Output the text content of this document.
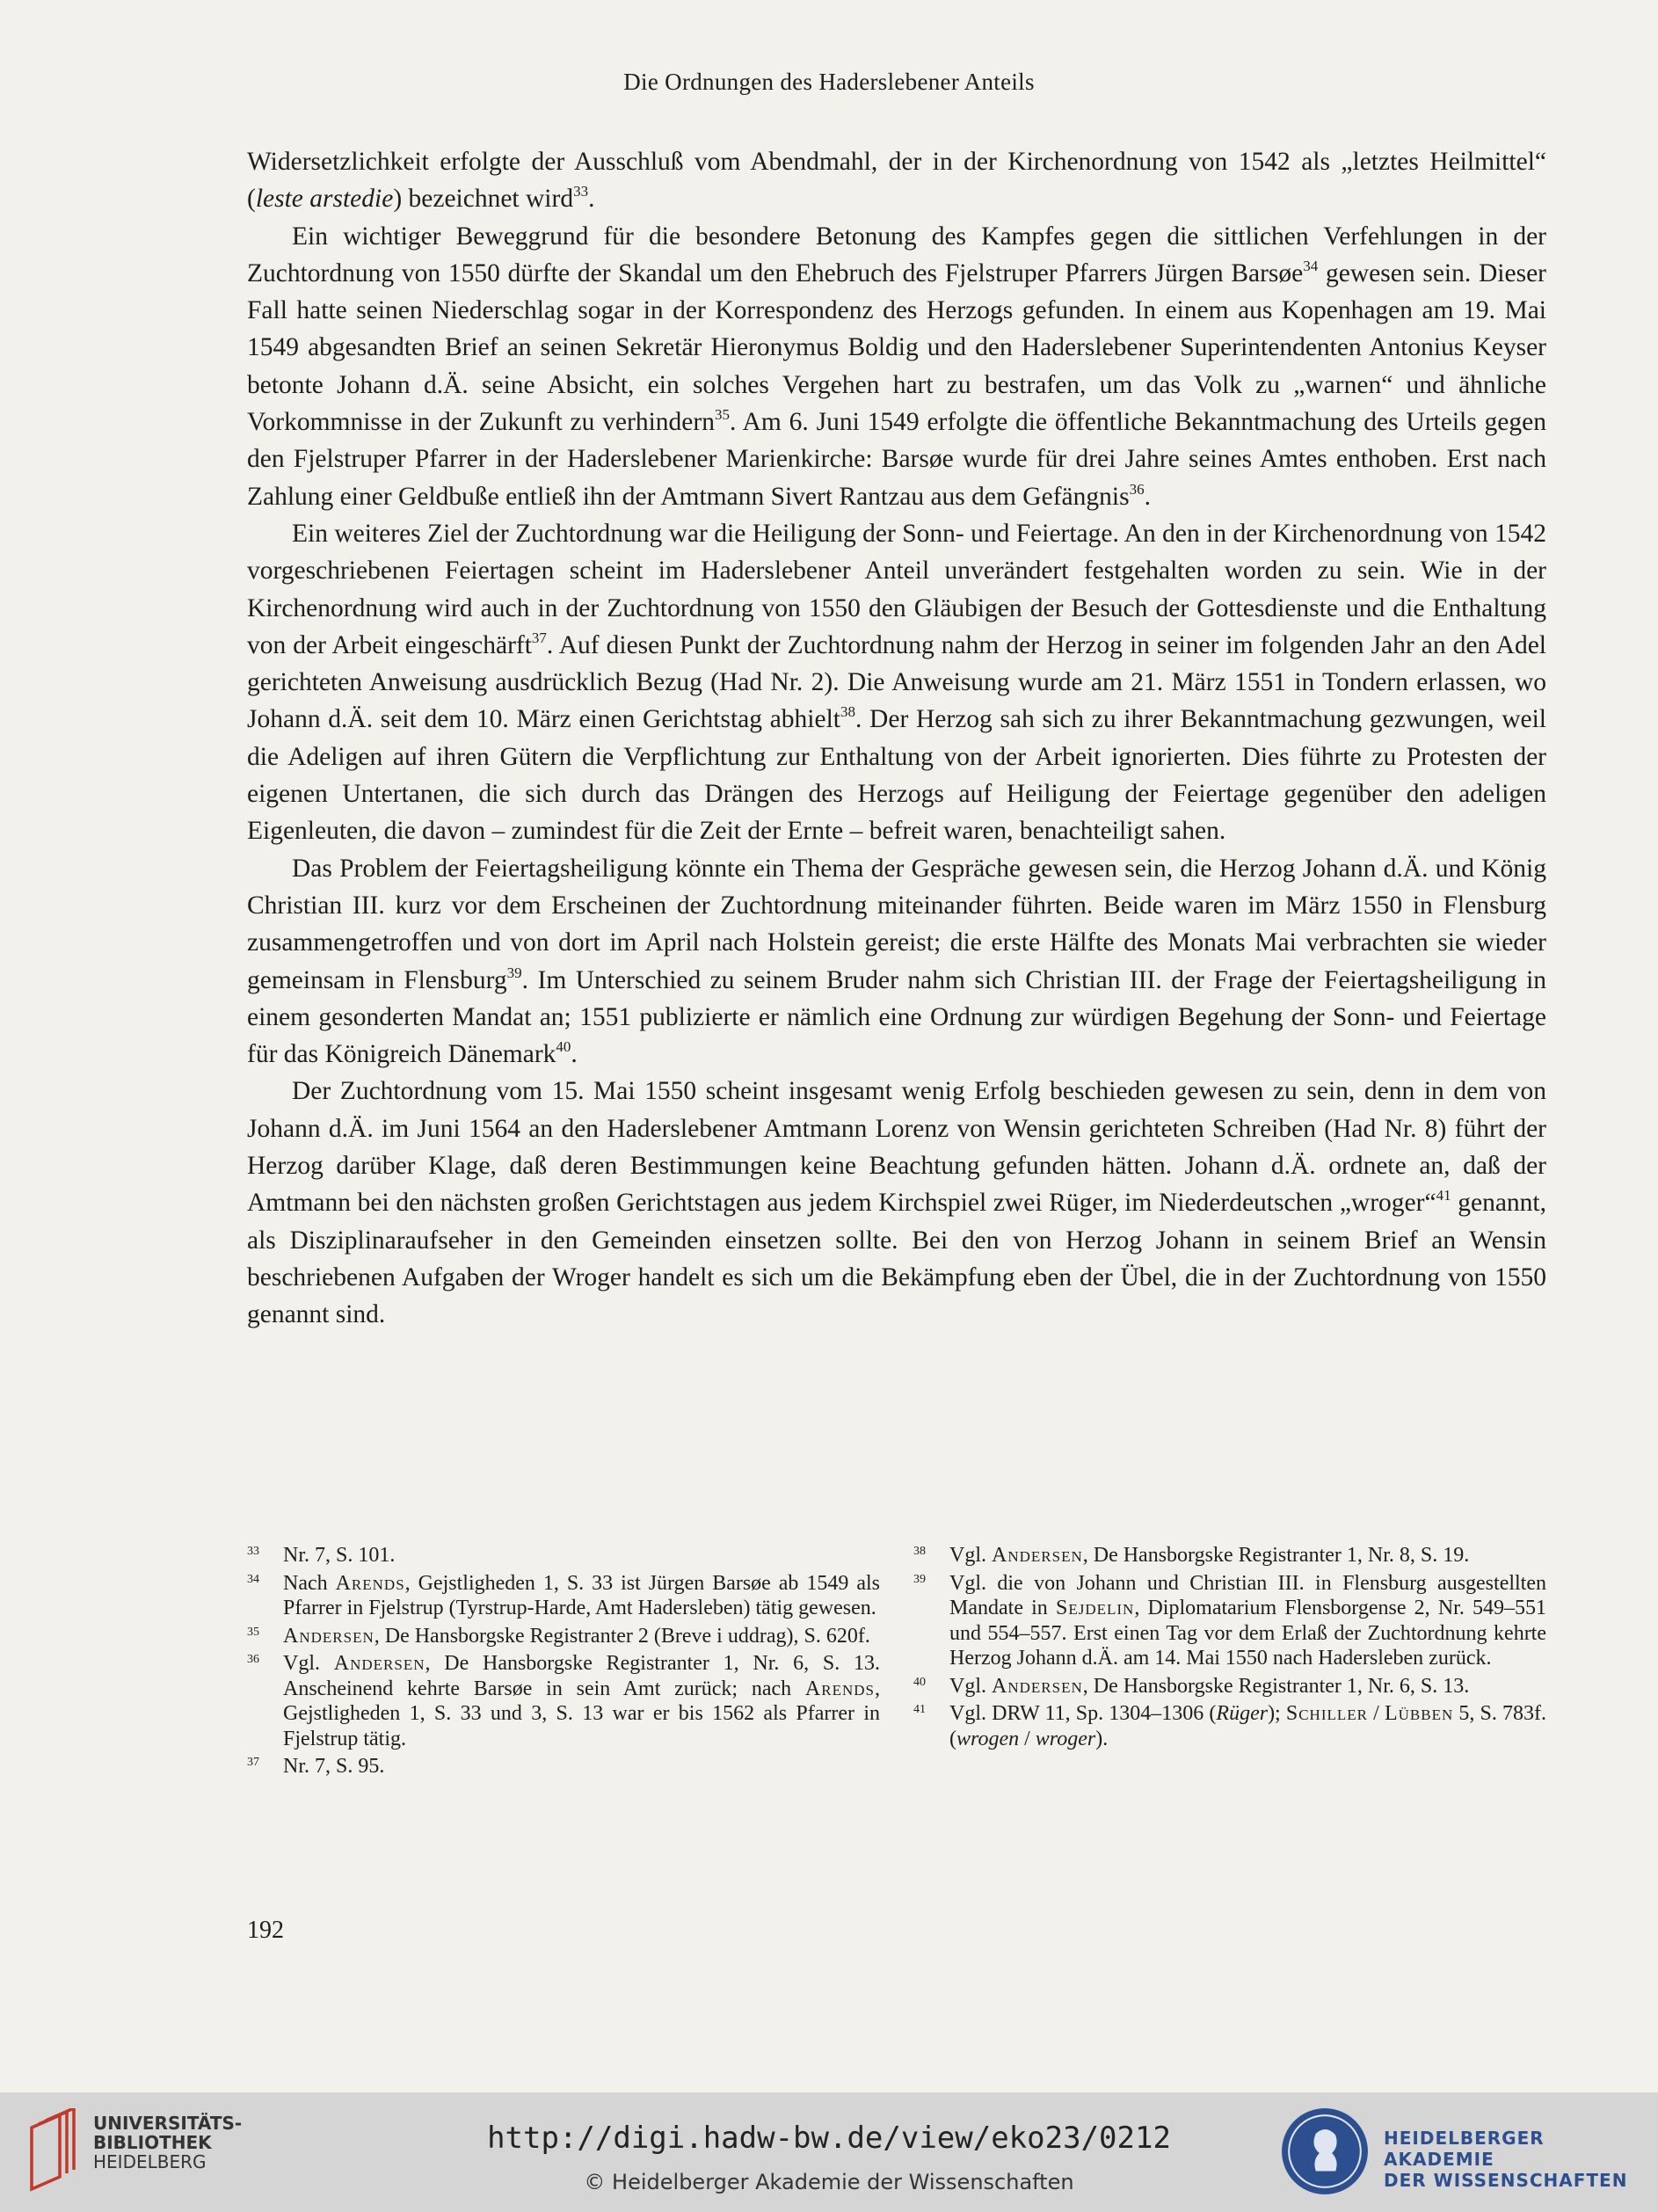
Die Ordnungen des Haderslebener Anteils

Widersetzlichkeit erfolgte der Ausschluß vom Abendmahl, der in der Kirchenordnung von 1542 als „letztes Heilmittel“ (leste arstedie) bezeichnet wird$^{33}$.

Ein wichtiger Beweggrund für die besondere Betonung des Kampfes gegen die sittlichen Verfehlungen in der Zuchtordnung von 1550 dürfte der Skandal um den Ehebruch des Fjelstruper Pfarrers Jürgen Barsøe$^{34}$ gewesen sein. Dieser Fall hatte seinen Niederschlag sogar in der Korrespondenz des Herzogs gefunden. In einem aus Kopenhagen am 19. Mai 1549 abgesandten Brief an seinen Sekretär Hieronymus Boldig und den Haderslebener Superintendenten Antonius Keyser betonte Johann d.Ä. seine Absicht, ein solches Vergehen hart zu bestrafen, um das Volk zu „warnen“ und ähnliche Vorkommnisse in der Zukunft zu verhindern$^{35}$. Am 6. Juni 1549 erfolgte die öffentliche Bekanntmachung des Urteils gegen den Fjelstruper Pfarrer in der Haderslebener Marienkirche: Barsøe wurde für drei Jahre seines Amtes enthoben. Erst nach Zahlung einer Geldbuße entließ ihn der Amtmann Sivert Rantzau aus dem Gefängnis$^{36}$.

Ein weiteres Ziel der Zuchtordnung war die Heiligung der Sonn- und Feiertage. An den in der Kirchenordnung von 1542 vorgeschriebenen Feiertagen scheint im Haderslebener Anteil unverändert festgehalten worden zu sein. Wie in der Kirchenordnung wird auch in der Zuchtordnung von 1550 den Gläubigen der Besuch der Gottesdienste und die Enthaltung von der Arbeit eingeschärft$^{37}$. Auf diesen Punkt der Zuchtordnung nahm der Herzog in seiner im folgenden Jahr an den Adel gerichteten Anweisung ausdrücklich Bezug (Had Nr. 2). Die Anweisung wurde am 21. März 1551 in Tondern erlassen, wo Johann d.Ä. seit dem 10. März einen Gerichtstag abhielt$^{38}$. Der Herzog sah sich zu ihrer Bekanntmachung gezwungen, weil die Adeligen auf ihren Gütern die Verpflichtung zur Enthaltung von der Arbeit ignorierten. Dies führte zu Protesten der eigenen Untertanen, die sich durch das Drängen des Herzogs auf Heiligung der Feiertage gegenüber den adeligen Eigenleuten, die davon – zumindest für die Zeit der Ernte – befreit waren, benachteiligt sahen.

Das Problem der Feiertagsheiligung könnte ein Thema der Gespräche gewesen sein, die Herzog Johann d.Ä. und König Christian III. kurz vor dem Erscheinen der Zuchtordnung miteinander führten. Beide waren im März 1550 in Flensburg zusammengetroffen und von dort im April nach Holstein gereist; die erste Hälfte des Monats Mai verbrachten sie wieder gemeinsam in Flensburg$^{39}$. Im Unterschied zu seinem Bruder nahm sich Christian III. der Frage der Feiertagsheiligung in einem gesonderten Mandat an; 1551 publizierte er nämlich eine Ordnung zur würdigen Begehung der Sonn- und Feiertage für das Königreich Dänemark$^{40}$.

Der Zuchtordnung vom 15. Mai 1550 scheint insgesamt wenig Erfolg beschieden gewesen zu sein, denn in dem von Johann d.Ä. im Juni 1564 an den Haderslebener Amtmann Lorenz von Wensin gerichteten Schreiben (Had Nr. 8) führt der Herzog darüber Klage, daß deren Bestimmungen keine Beachtung gefunden hätten. Johann d.Ä. ordnete an, daß der Amtmann bei den nächsten großen Gerichtstagen aus jedem Kirchspiel zwei Rüger, im Niederdeutschen „wroger“$^{41}$ genannt, als Disziplinaraufseher in den Gemeinden einsetzen sollte. Bei den von Herzog Johann in seinem Brief an Wensin beschriebenen Aufgaben der Wroger handelt es sich um die Bekämpfung eben der Übel, die in der Zuchtordnung von 1550 genannt sind.

33	Nr. 7, S. 101.
34	Nach Arends, Gejstligheden 1, S. 33 ist Jürgen Barsøe ab 1549 als Pfarrer in Fjelstrup (Tyrstrup-Harde, Amt Hadersleben) tätig gewesen.
35	Andersen, De Hansborgske Registranter 2 (Breve i uddrag), S. 620f.
36	Vgl. Andersen, De Hansborgske Registranter 1, Nr. 6, S. 13. Anscheinend kehrte Barsøe in sein Amt zurück; nach Arends, Gejstligheden 1, S. 33 und 3, S. 13 war er bis 1562 als Pfarrer in Fjelstrup tätig.
37	Nr. 7, S. 95.
38	Vgl. Andersen, De Hansborgske Registranter 1, Nr. 8, S. 19.
39	Vgl. die von Johann und Christian III. in Flensburg ausgestellten Mandate in Sejdelin, Diplomatarium Flensborgense 2, Nr. 549–551 und 554–557. Erst einen Tag vor dem Erlaß der Zuchtordnung kehrte Herzog Johann d.Ä. am 14. Mai 1550 nach Hadersleben zurück.
40	Vgl. Andersen, De Hansborgske Registranter 1, Nr. 6, S. 13.
41	Vgl. DRW 11, Sp. 1304–1306 (Rüger); Schiller / Lübben 5, S. 783f. (wrogen / wroger).
192
UNIVERSITÄTS-
BIBLIOTHEK
HEIDELBERG
http://digi.hadw-bw.de/view/eko23/0212
© Heidelberger Akademie der Wissenschaften
HEIDELBERGER AKADEMIE
DER WISSENSCHAFTEN
